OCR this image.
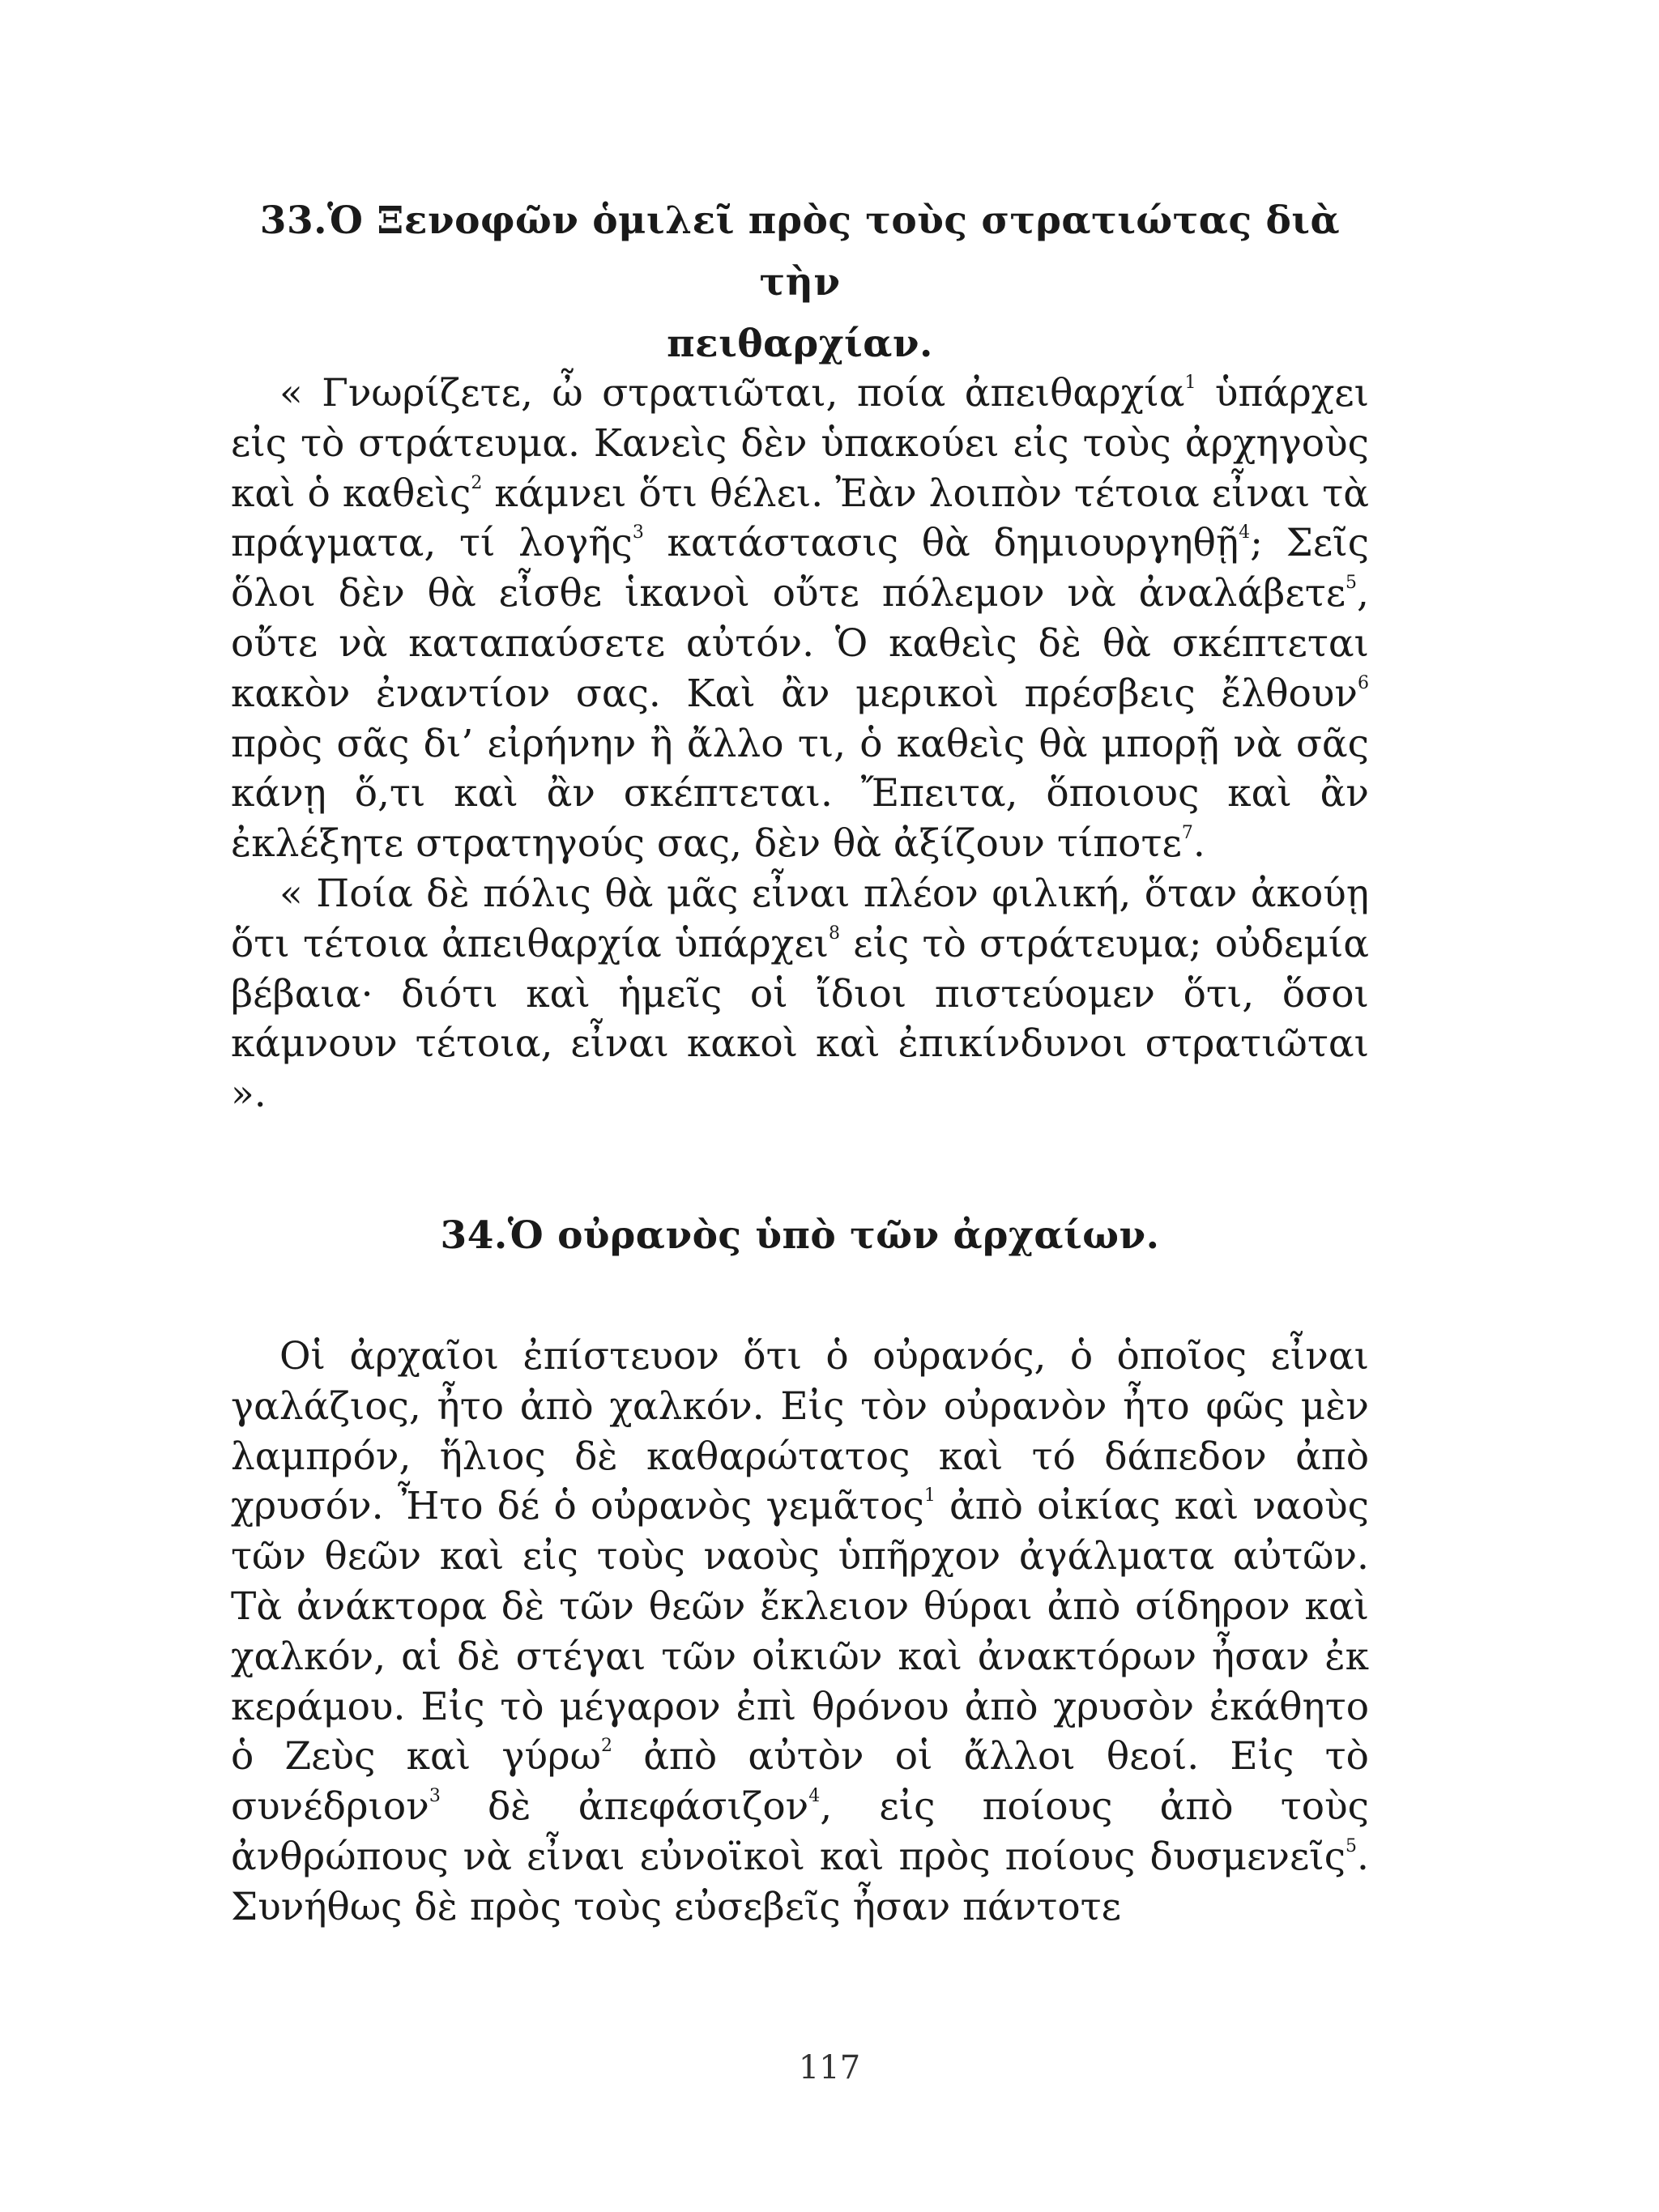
33.Ὁ Ξενοφῶν ὁμιλεῖ πρὸς τοὺς στρατιώτας διὰ τὴν

πειθαρχίαν.

« Γνωρίζετε, ὦ στρατιῶται, ποία ἀπειθαρχία$^1$ ὑπάρχει εἰς τὸ στράτευμα. Κανεὶς δὲν ὑπακούει εἰς τοὺς ἀρχηγοὺς καὶ ὁ καθεὶς$^2$ κάμνει ὅτι θέλει. Ἐὰν λοιπὸν τέτοια εἶναι τὰ πράγματα, τί λογῆς$^3$ κατάστασις θὰ δημιουργηθῇ$^4$; Σεῖς ὅλοι δὲν θὰ εἶσθε ἱκανοὶ οὔτε πόλεμον νὰ ἀναλάβετε$^5$, οὔτε νὰ καταπαύσετε αὐτόν. Ὁ καθεὶς δὲ θὰ σκέπτεται κακὸν ἐναντίον σας. Καὶ ἂν μερικοὶ πρέσβεις ἔλθουν$^6$ πρὸς σᾶς δι’ εἰρήνην ἢ ἄλλο τι, ὁ καθεὶς θὰ μπορῇ νὰ σᾶς κάνῃ ὅ,τι καὶ ἂν σκέπτεται. Ἔπειτα, ὅποιους καὶ ἂν ἐκλέξητε στρατηγούς σας, δὲν θὰ ἀξίζουν τίποτε$^7$.

« Ποία δὲ πόλις θὰ μᾶς εἶναι πλέον φιλική, ὅταν ἀκούῃ ὅτι τέτοια ἀπειθαρχία ὑπάρχει$^8$ εἰς τὸ στράτευμα; οὐδεμία βέβαια· διότι καὶ ἡμεῖς οἱ ἴδιοι πιστεύομεν ὅτι, ὅσοι κάμνουν τέτοια, εἶναι κακοὶ καὶ ἐπικίνδυνοι στρατιῶται ».

34.Ὁ οὐρανὸς ὑπὸ τῶν ἀρχαίων.

Οἱ ἀρχαῖοι ἐπίστευον ὅτι ὁ οὐρανός, ὁ ὁποῖος εἶναι γαλάζιος, ἦτο ἀπὸ χαλκόν. Εἰς τὸν οὐρανὸν ἦτο φῶς μὲν λαμπρόν, ἥλιος δὲ καθαρώτατος καὶ τό δάπεδον ἀπὸ χρυσόν. Ἦτο δέ ὁ οὐρανὸς γεμᾶτος$^1$ ἀπὸ οἰκίας καὶ ναοὺς τῶν θεῶν καὶ εἰς τοὺς ναοὺς ὑπῆρχον ἀγάλματα αὐτῶν. Τὰ ἀνάκτορα δὲ τῶν θεῶν ἔκλειον θύραι ἀπὸ σίδηρον καὶ χαλκόν, αἱ δὲ στέγαι τῶν οἰκιῶν καὶ ἀνακτόρων ἦσαν ἐκ κεράμου. Εἰς τὸ μέγαρον ἐπὶ θρόνου ἀπὸ χρυσὸν ἐκάθητο ὁ Ζεὺς καὶ γύρω$^2$ ἀπὸ αὐτὸν οἱ ἄλλοι θεοί. Εἰς τὸ συνέδριον$^3$ δὲ ἀπεφάσιζον$^4$, εἰς ποίους ἀπὸ τοὺς ἀνθρώπους νὰ εἶναι εὐνοϊκοὶ καὶ πρὸς ποίους δυσμενεῖς$^5$. Συνήθως δὲ πρὸς τοὺς εὐσεβεῖς ἦσαν πάντοτε

117
